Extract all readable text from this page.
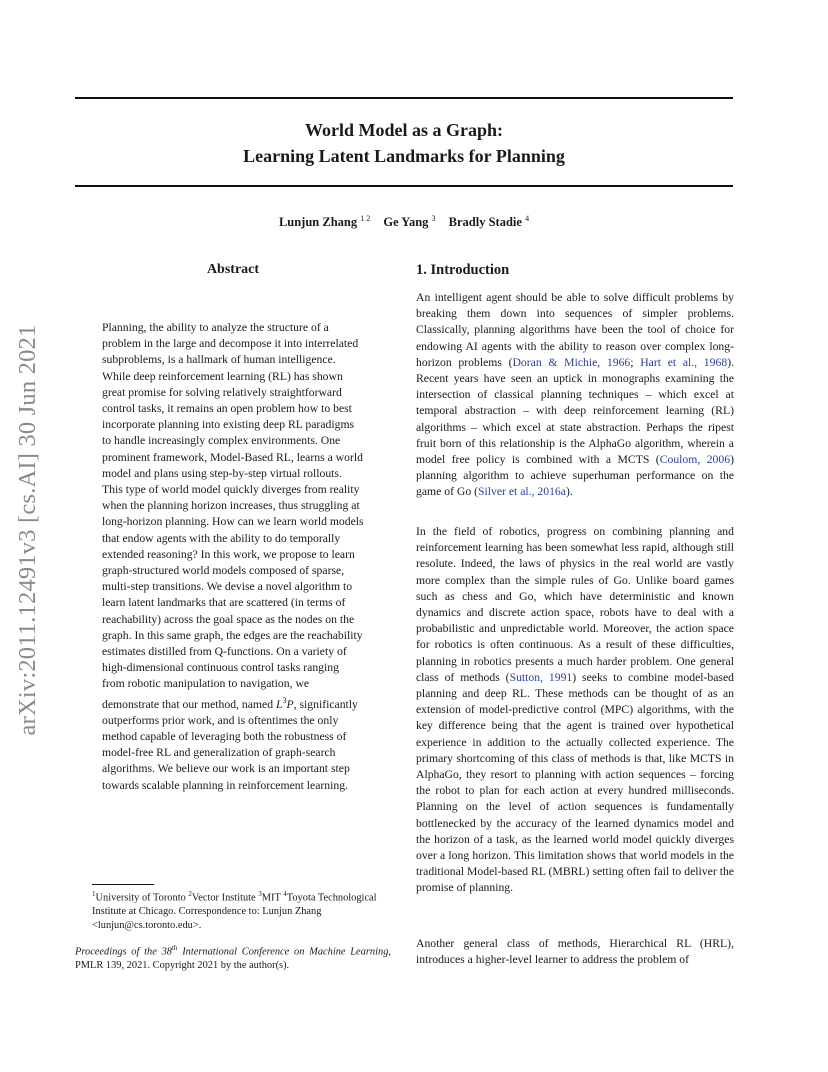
World Model as a Graph:
Learning Latent Landmarks for Planning
Lunjun Zhang $^{1 2}$ Ge Yang $^3$ Bradly Stadie $^4$
arXiv:2011.12491v3 [cs.AI] 30 Jun 2021
Abstract

Planning, the ability to analyze the structure of a problem in the large and decompose it into interrelated subproblems, is a hallmark of human intelligence. While deep reinforcement learning (RL) has shown great promise for solving relatively straightforward control tasks, it remains an open problem how to best incorporate planning into existing deep RL paradigms to handle increasingly complex environments. One prominent framework, Model-Based RL, learns a world model and plans using step-by-step virtual rollouts. This type of world model quickly diverges from reality when the planning horizon increases, thus struggling at long-horizon planning. How can we learn world models that endow agents with the ability to do temporally extended reasoning? In this work, we propose to learn graph-structured world models composed of sparse, multi-step transitions. We devise a novel algorithm to learn latent landmarks that are scattered (in terms of reachability) across the goal space as the nodes on the graph. In this same graph, the edges are the reachability estimates distilled from Q-functions. On a variety of high-dimensional continuous control tasks ranging from robotic manipulation to navigation, we demonstrate that our method, named $L^3P$, significantly outperforms prior work, and is oftentimes the only method capable of leveraging both the robustness of model-free RL and generalization of graph-search algorithms. We believe our work is an important step towards scalable planning in reinforcement learning.

$^1$University of Toronto $^2$Vector Institute $^3$MIT $^4$Toyota Technological Institute at Chicago. Correspondence to: Lunjun Zhang <lunjun@cs.toronto.edu>.

Proceedings of the 38th International Conference on Machine Learning, PMLR 139, 2021. Copyright 2021 by the author(s).

1. Introduction

An intelligent agent should be able to solve difficult problems by breaking them down into sequences of simpler problems. Classically, planning algorithms have been the tool of choice for endowing AI agents with the ability to reason over complex long-horizon problems (Doran & Michie, 1966; Hart et al., 1968). Recent years have seen an uptick in monographs examining the intersection of classical planning techniques – which excel at temporal abstraction – with deep reinforcement learning (RL) algorithms – which excel at state abstraction. Perhaps the ripest fruit born of this relationship is the AlphaGo algorithm, wherein a model free policy is combined with a MCTS (Coulom, 2006) planning algorithm to achieve superhuman performance on the game of Go (Silver et al., 2016a).

In the field of robotics, progress on combining planning and reinforcement learning has been somewhat less rapid, although still resolute. Indeed, the laws of physics in the real world are vastly more complex than the simple rules of Go. Unlike board games such as chess and Go, which have deterministic and known dynamics and discrete action space, robots have to deal with a probabilistic and unpredictable world. Moreover, the action space for robotics is often continuous. As a result of these difficulties, planning in robotics presents a much harder problem. One general class of methods (Sutton, 1991) seeks to combine model-based planning and deep RL. These methods can be thought of as an extension of model-predictive control (MPC) algorithms, with the key difference being that the agent is trained over hypothetical experience in addition to the actually collected experience. The primary shortcoming of this class of methods is that, like MCTS in AlphaGo, they resort to planning with action sequences – forcing the robot to plan for each action at every hundred milliseconds. Planning on the level of action sequences is fundamentally bottlenecked by the accuracy of the learned dynamics model and the horizon of a task, as the learned world model quickly diverges over a long horizon. This limitation shows that world models in the traditional Model-based RL (MBRL) setting often fail to deliver the promise of planning.

Another general class of methods, Hierarchical RL (HRL), introduces a higher-level learner to address the problem of
